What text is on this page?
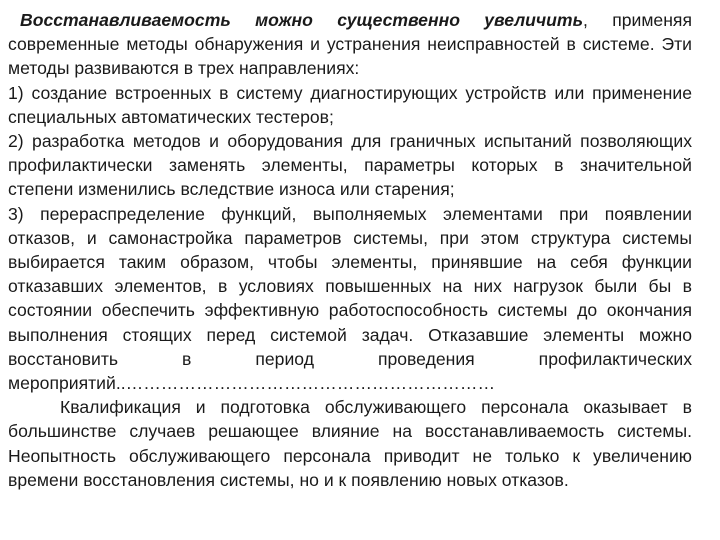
Восстанавливаемость можно существенно увеличить, применяя современные методы обнаружения и устранения неисправностей в системе. Эти методы развиваются в трех направлениях:

1) создание встроенных в систему диагностирующих устройств или применение специальных автоматических тестеров;

2) разработка методов и оборудования для граничных испытаний позволяющих профилактически заменять элементы, параметры которых в значительной степени изменились вследствие износа или старения;

3) перераспределение функций, выполняемых элементами при появлении отказов, и самонастройка параметров системы, при этом структура системы выбирается таким образом, чтобы элементы, принявшие на себя функции отказавших элементов, в условиях повышенных на них нагрузок были бы в состоянии обеспечить эффективную работоспособность системы до окончания выполнения стоящих перед системой задач. Отказавшие элементы можно восстановить в период проведения профилактических

мероприятий..………………………………………………………

Квалификация и подготовка обслуживающего персонала оказывает в большинстве случаев решающее влияние на восстанавливаемость системы. Неопытность обслуживающего персонала приводит не только к увеличению времени восстановления системы, но и к появлению новых отказов.
